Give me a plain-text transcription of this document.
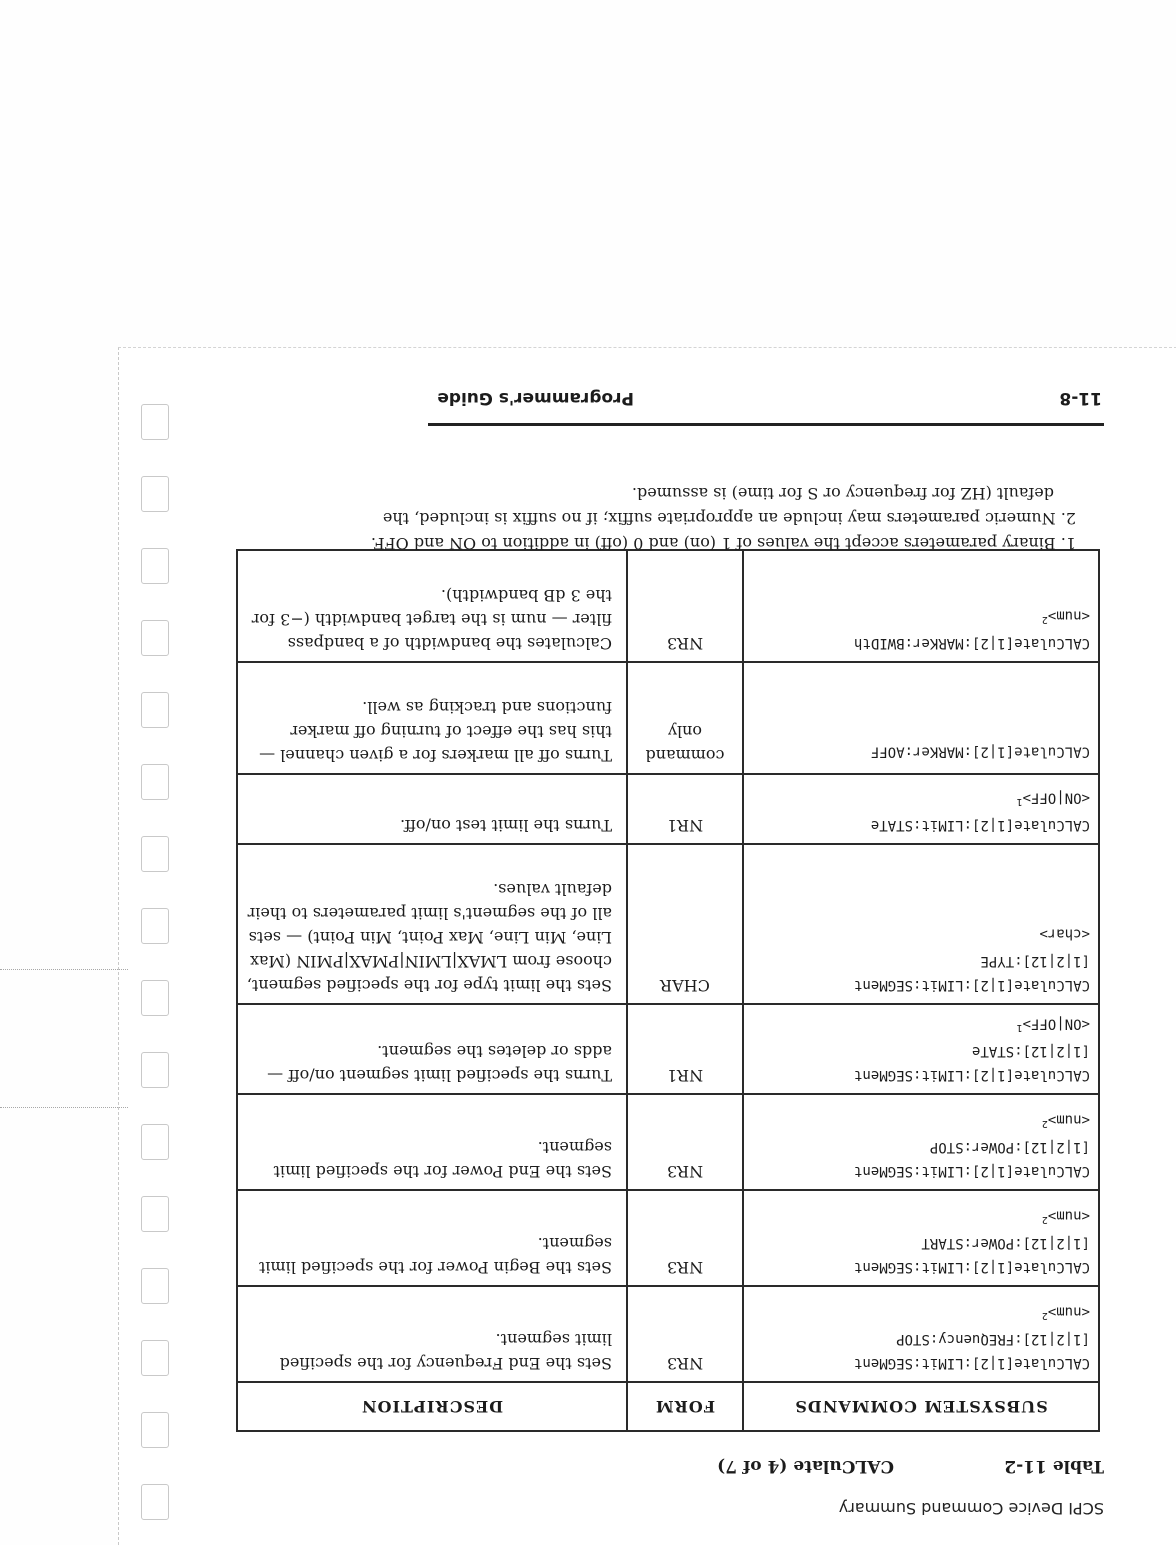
SCPI Device Command Summary
Table 11-2
CALCulate (4 of 7)
SUBSYSTEM COMMANDS	FORM	DESCRIPTION
CALCulate[1|2]:LIMit:SEGMent
[1|2|12]:FREQuency:STOP
<num>$^2$	NR3	Sets the End Frequency for the specified limit segment.
CALCulate[1|2]:LIMit:SEGMent
[1|2|12]:POWer:START
<num>$^2$	NR3	Sets the Begin Power for the specified limit segment.
CALCulate[1|2]:LIMit:SEGMent
[1|2|12]:POWer:STOP
<num>$^2$	NR3	Sets the End Power for the specified limit segment.
CALCulate[1|2]:LIMit:SEGMent
[1|2|12]:STATe
<ON|OFF>$^1$	NR1	Turns the specified limit segment on/off — adds or deletes the segment.
CALCulate[1|2]:LIMit:SEGMent
[1|2|12]:TYPE
<char>	CHAR	Sets the limit type for the specified segment, choose from LMAX|LMIN|PMAX|PMIN (Max Line, Min Line, Max Point, Min Point) — sets all of the segment's limit parameters to their default values.
CALCulate[1|2]:LIMit:STATe
<ON|OFF>$^1$	NR1	Turns the limit test on/off.
CALCulate[1|2]:MARKer:AOFF	command only	Turns off all markers for a given channel — this has the effect of turning off marker functions and tracking as well.
CALCulate[1|2]:MARKer:BWIDth
<num>$^2$	NR3	Calculates the bandwidth of a bandpass filter — num is the target bandwidth (−3 for the 3 dB bandwidth).

1. Binary parameters accept the values of 1 (on) and 0 (off) in addition to ON and OFF.

2. Numeric parameters may include an appropriate suffix; if no suffix is included, the

default (HZ for frequency or S for time) is assumed.

11-8
Programmer's Guide
